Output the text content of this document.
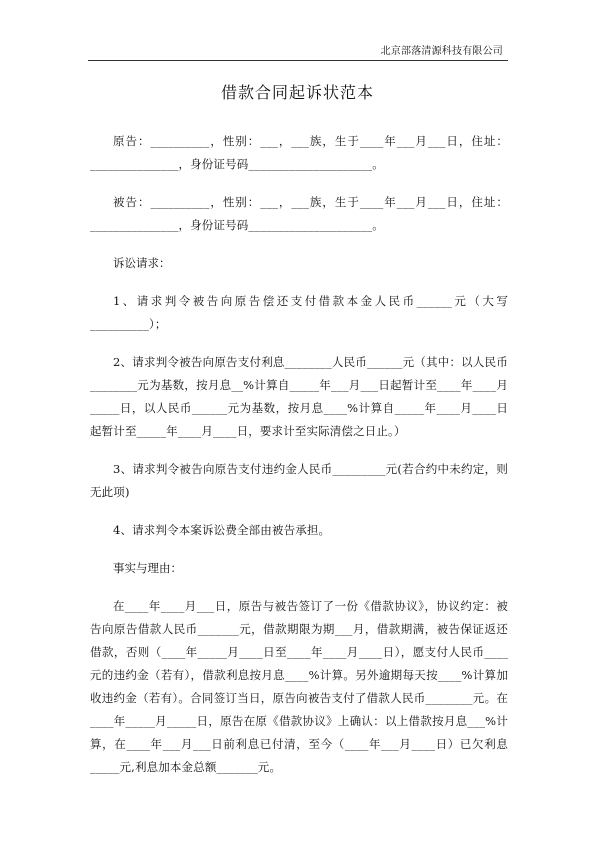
北京部落清源科技有限公司
借款合同起诉状范本

原告：__________，性别：___，___族，生于____年___月___日，住址：_______________，身份证号码_____________________。

被告：__________，性别：___，___族，生于____年___月___日，住址：_______________，身份证号码_____________________。

诉讼请求：

1、请求判令被告向原告偿还支付借款本金人民币______元（大写__________）；

2、请求判令被告向原告支付利息________人民币______元（其中：以人民币________元为基数，按月息__%计算自_____年___月___日起暂计至____年____月_____日，以人民币______元为基数，按月息____%计算自_____年____月____日起暂计至_____年____月____日，要求计至实际清偿之日止。）

3、请求判令被告向原告支付违约金人民币_________元(若合约中未约定，则无此项)

4、请求判令本案诉讼费全部由被告承担。

事实与理由：

在____年____月___日，原告与被告签订了一份《借款协议》，协议约定：被告向原告借款人民币_______元，借款期限为期___月，借款期满，被告保证返还借款，否则（____年_____月____日至____年____月____日），愿支付人民币____元的违约金（若有），借款利息按月息____%计算。另外逾期每天按____%计算加收违约金（若有）。合同签订当日，原告向被告支付了借款人民币________元。在____年_____月_____日，原告在原《借款协议》上确认：以上借款按月息___%计算，在____年___月___日前利息已付清，至今（____年___月____日）已欠利息_____元,利息加本金总额_______元。
